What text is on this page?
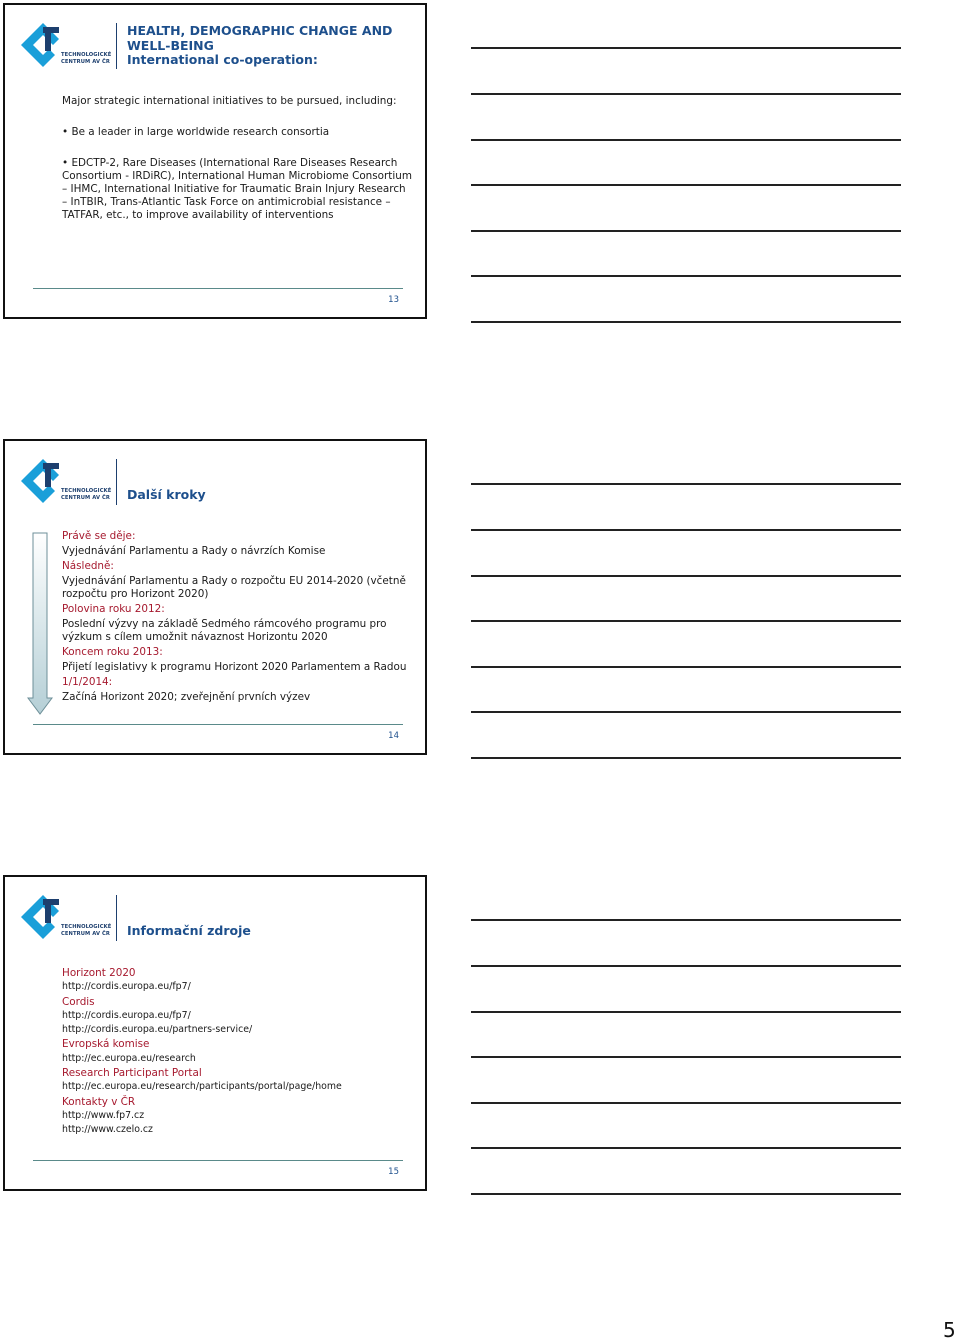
TECHNOLOGICKÉ
CENTRUM AV ČR
HEALTH, DEMOGRAPHIC CHANGE AND
WELL-BEING
International co-operation:

Major strategic international initiatives to be pursued, including:

• Be a leader in large worldwide research consortia

• EDCTP-2, Rare Diseases (International Rare Diseases Research Consortium - IRDiRC), International Human Microbiome Consortium – IHMC, International Initiative for Traumatic Brain Injury Research – InTBIR, Trans-Atlantic Task Force on antimicrobial resistance – TATFAR, etc., to improve availability of interventions

13
TECHNOLOGICKÉ
CENTRUM AV ČR Další kroky

Právě se děje:

Vyjednávání Parlamentu a Rady o návrzích Komise

Následně:

Vyjednávání Parlamentu a Rady o rozpočtu EU 2014-2020 (včetně rozpočtu pro Horizont 2020)

Polovina roku 2012:

Poslední výzvy na základě Sedmého rámcového programu pro výzkum s cílem umožnit návaznost Horizontu 2020

Koncem roku 2013:

Přijetí legislativy k programu Horizont 2020 Parlamentem a Radou

1/1/2014:

Začíná Horizont 2020; zveřejnění prvních výzev

14
TECHNOLOGICKÉ
CENTRUM AV ČR Informační zdroje

Horizont 2020

http://cordis.europa.eu/fp7/

Cordis

http://cordis.europa.eu/fp7/

http://cordis.europa.eu/partners-service/

Evropská komise

http://ec.europa.eu/research

Research Participant Portal

http://ec.europa.eu/research/participants/portal/page/home

Kontakty v ČR

http://www.fp7.cz

http://www.czelo.cz

15
5
